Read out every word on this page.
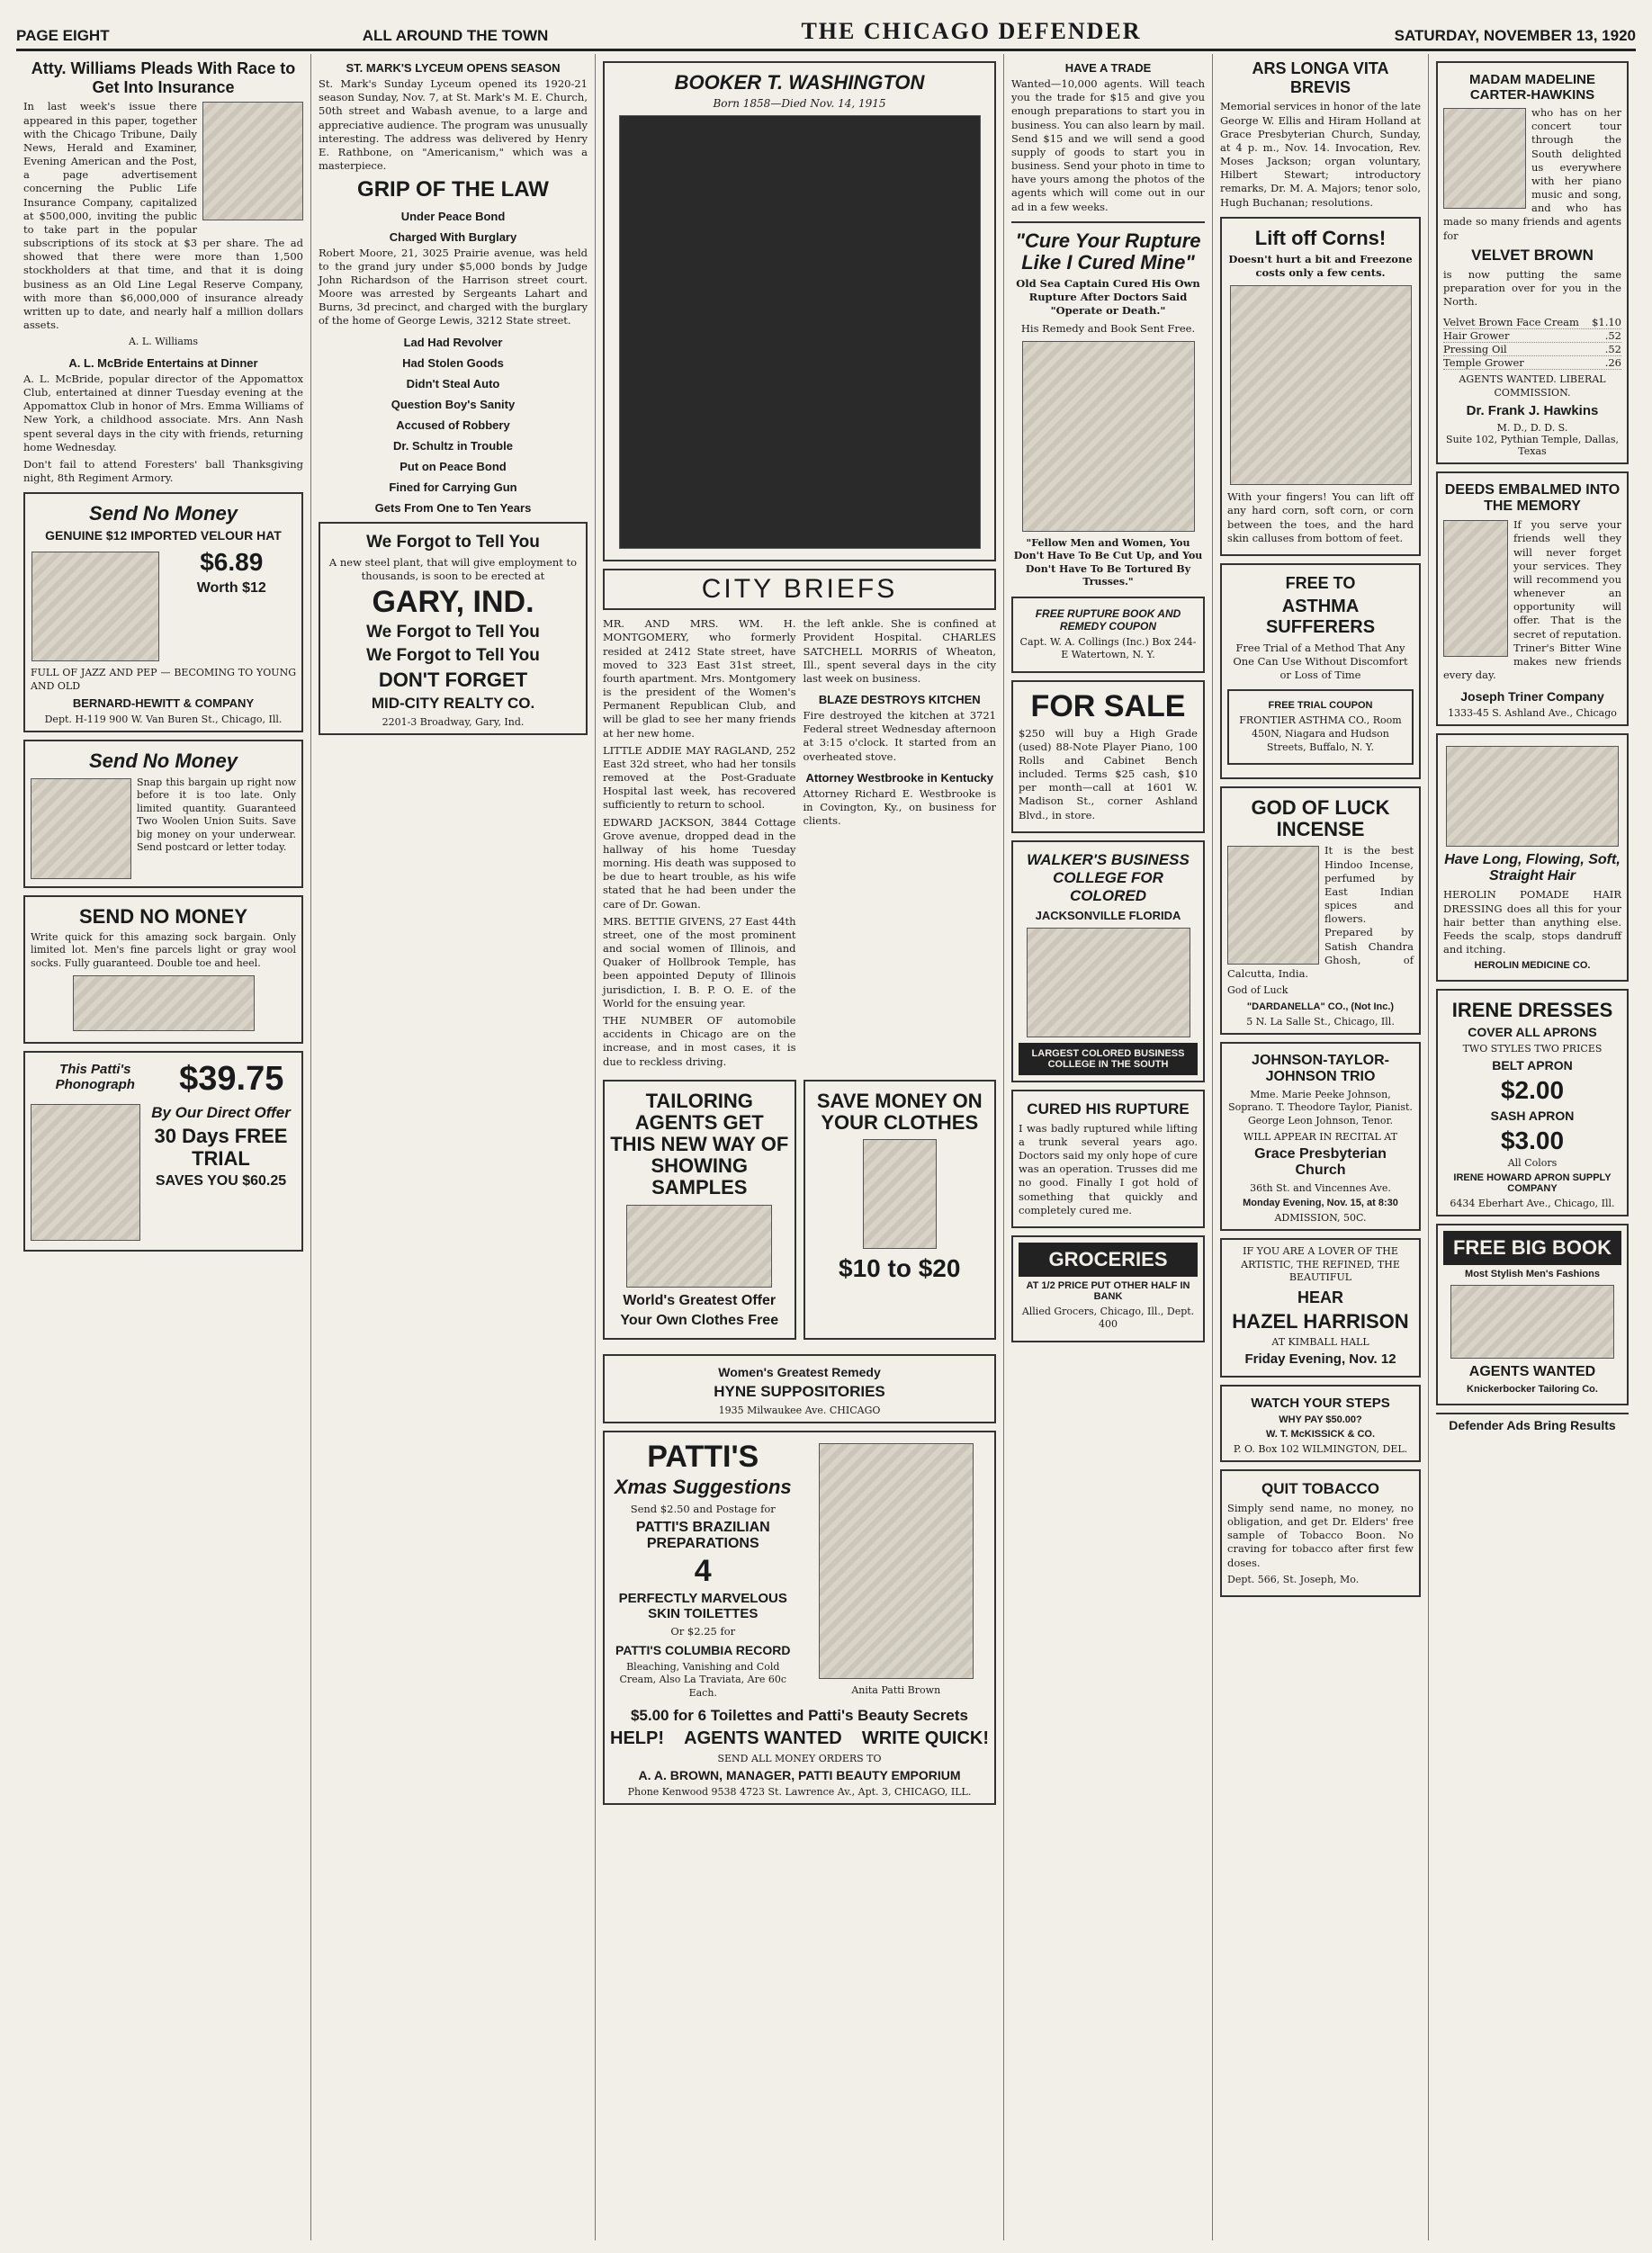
PAGE EIGHT	ALL AROUND THE TOWN	THE CHICAGO DEFENDER	SATURDAY, NOVEMBER 13, 1920
Atty. Williams Pleads With Race to Get Into Insurance

In last week's issue there appeared in this paper, together with the Chicago Tribune, Daily News, Herald and Examiner, Evening American and the Post, a page advertisement concerning the Public Life Insurance Company, capitalized at $500,000, inviting the public to take part in the popular subscriptions of its stock at $3 per share. The ad showed that there were more than 1,500 stockholders at that time, and that it is doing business as an Old Line Legal Reserve Company, with more than $6,000,000 of insurance already written up to date, and nearly half a million dollars assets.

A. L. Williams

A. L. McBride Entertains at Dinner

A. L. McBride, popular director of the Appomattox Club, entertained at dinner Tuesday evening at the Appomattox Club in honor of Mrs. Emma Williams of New York, a childhood associate. Mrs. Ann Nash spent several days in the city with friends, returning home Wednesday.

Don't fail to attend Foresters' ball Thanksgiving night, 8th Regiment Armory.

Send No Money
GENUINE $12 IMPORTED VELOUR HAT
$6.89
Worth $12

FULL OF JAZZ AND PEP — BECOMING TO YOUNG AND OLD

BERNARD-HEWITT & COMPANY
Dept. H-119 900 W. Van Buren St., Chicago, Ill.
Send No Money

Snap this bargain up right now before it is too late. Only limited quantity. Guaranteed Two Woolen Union Suits. Save big money on your underwear. Send postcard or letter today.

SEND NO MONEY

Write quick for this amazing sock bargain. Only limited lot. Men's fine parcels light or gray wool socks. Fully guaranteed. Double toe and heel.

This Patti's Phonograph	$39.75
By Our Direct Offer
30 Days FREE TRIAL
SAVES YOU $60.25
ST. MARK'S LYCEUM OPENS SEASON

St. Mark's Sunday Lyceum opened its 1920-21 season Sunday, Nov. 7, at St. Mark's M. E. Church, 50th street and Wabash avenue, to a large and appreciative audience. The program was unusually interesting. The address was delivered by Henry E. Rathbone, on "Americanism," which was a masterpiece.

GRIP OF THE LAW
Under Peace Bond
Charged With Burglary

Robert Moore, 21, 3025 Prairie avenue, was held to the grand jury under $5,000 bonds by Judge John Richardson of the Harrison street court. Moore was arrested by Sergeants Lahart and Burns, 3d precinct, and charged with the burglary of the home of George Lewis, 3212 State street.

Lad Had Revolver
Had Stolen Goods
Didn't Steal Auto
Question Boy's Sanity
Accused of Robbery
Dr. Schultz in Trouble
Put on Peace Bond
Fined for Carrying Gun
Gets From One to Ten Years
We Forgot to Tell You

A new steel plant, that will give employment to thousands, is soon to be erected at

GARY, IND.
We Forgot to Tell You
We Forgot to Tell You
DON'T FORGET
MID-CITY REALTY CO.
2201-3 Broadway, Gary, Ind.
BOOKER T. WASHINGTON
Born 1858—Died Nov. 14, 1915
CITY BRIEFS

MR. AND MRS. WM. H. MONTGOMERY, who formerly resided at 2412 State street, have moved to 323 East 31st street, fourth apartment. Mrs. Montgomery is the president of the Women's Permanent Republican Club, and will be glad to see her many friends at her new home.

LITTLE ADDIE MAY RAGLAND, 252 East 32d street, who had her tonsils removed at the Post-Graduate Hospital last week, has recovered sufficiently to return to school.

EDWARD JACKSON, 3844 Cottage Grove avenue, dropped dead in the hallway of his home Tuesday morning. His death was supposed to be due to heart trouble, as his wife stated that he had been under the care of Dr. Gowan.

MRS. BETTIE GIVENS, 27 East 44th street, one of the most prominent and social women of Illinois, and Quaker of Hollbrook Temple, has been appointed Deputy of Illinois jurisdiction, I. B. P. O. E. of the World for the ensuing year.

THE NUMBER OF automobile accidents in Chicago are on the increase, and in most cases, it is due to reckless driving.

the left ankle. She is confined at Provident Hospital. CHARLES SATCHELL MORRIS of Wheaton, Ill., spent several days in the city last week on business.

BLAZE DESTROYS KITCHEN

Fire destroyed the kitchen at 3721 Federal street Wednesday afternoon at 3:15 o'clock. It started from an overheated stove.

Attorney Westbrooke in Kentucky

Attorney Richard E. Westbrooke is in Covington, Ky., on business for clients.

TAILORING AGENTS GET THIS NEW WAY OF SHOWING SAMPLES
World's Greatest Offer
Your Own Clothes Free
SAVE MONEY ON YOUR CLOTHES
$10 to $20
Women's Greatest Remedy
HYNE SUPPOSITORIES
1935 Milwaukee Ave. CHICAGO
PATTI'S
Xmas Suggestions

Send $2.50 and Postage for

PATTI'S BRAZILIAN PREPARATIONS
4
PERFECTLY MARVELOUS SKIN TOILETTES

Or $2.25 for

PATTI'S COLUMBIA RECORD

Bleaching, Vanishing and Cold Cream, Also La Traviata, Are 60c Each.	Anita Patti Brown

$5.00 for 6 Toilettes and Patti's Beauty Secrets
HELP! AGENTS WANTED WRITE QUICK!
SEND ALL MONEY ORDERS TO
A. A. BROWN, MANAGER, PATTI BEAUTY EMPORIUM
Phone Kenwood 9538 4723 St. Lawrence Av., Apt. 3, CHICAGO, ILL.
HAVE A TRADE

Wanted—10,000 agents. Will teach you the trade for $15 and give you enough preparations to start you in business. You can also learn by mail. Send $15 and we will send a good supply of goods to start you in business. Send your photo in time to have yours among the photos of the agents which will come out in our ad in a few weeks.

"Cure Your Rupture Like I Cured Mine"

Old Sea Captain Cured His Own Rupture After Doctors Said "Operate or Death."

His Remedy and Book Sent Free.

"Fellow Men and Women, You Don't Have To Be Cut Up, and You Don't Have To Be Tortured By Trusses."

FREE RUPTURE BOOK AND REMEDY COUPON

Capt. W. A. Collings (Inc.) Box 244-E Watertown, N. Y.

FOR SALE

$250 will buy a High Grade (used) 88-Note Player Piano, 100 Rolls and Cabinet Bench included. Terms $25 cash, $10 per month—call at 1601 W. Madison St., corner Ashland Blvd., in store.

WALKER'S BUSINESS COLLEGE FOR COLORED
JACKSONVILLE FLORIDA
LARGEST COLORED BUSINESS COLLEGE IN THE SOUTH
CURED HIS RUPTURE

I was badly ruptured while lifting a trunk several years ago. Doctors said my only hope of cure was an operation. Trusses did me no good. Finally I got hold of something that quickly and completely cured me.

GROCERIES
AT 1/2 PRICE PUT OTHER HALF IN BANK

Allied Grocers, Chicago, Ill., Dept. 400

ARS LONGA VITA BREVIS

Memorial services in honor of the late George W. Ellis and Hiram Holland at Grace Presbyterian Church, Sunday, at 4 p. m., Nov. 14. Invocation, Rev. Moses Jackson; organ voluntary, Hilbert Stewart; introductory remarks, Dr. M. A. Majors; tenor solo, Hugh Buchanan; resolutions.

Lift off Corns!

Doesn't hurt a bit and Freezone costs only a few cents.

With your fingers! You can lift off any hard corn, soft corn, or corn between the toes, and the hard skin calluses from bottom of feet.

FREE TO
ASTHMA SUFFERERS

Free Trial of a Method That Any One Can Use Without Discomfort or Loss of Time

FREE TRIAL COUPON

FRONTIER ASTHMA CO., Room 450N, Niagara and Hudson Streets, Buffalo, N. Y.

GOD OF LUCK INCENSE

It is the best Hindoo Incense, perfumed by East Indian spices and flowers. Prepared by Satish Chandra Ghosh, of Calcutta, India.

God of Luck

"DARDANELLA" CO., (Not Inc.)
5 N. La Salle St., Chicago, Ill.
JOHNSON-TAYLOR-JOHNSON TRIO

Mme. Marie Peeke Johnson, Soprano. T. Theodore Taylor, Pianist. George Leon Johnson, Tenor.

WILL APPEAR IN RECITAL AT
Grace Presbyterian Church
36th St. and Vincennes Ave.
Monday Evening, Nov. 15, at 8:30
ADMISSION, 50C.

IF YOU ARE A LOVER OF THE ARTISTIC, THE REFINED, THE BEAUTIFUL

HEAR
HAZEL HARRISON
AT KIMBALL HALL
Friday Evening, Nov. 12
WATCH YOUR STEPS
WHY PAY $50.00?
W. T. McKISSICK & CO.
P. O. Box 102 WILMINGTON, DEL.
QUIT TOBACCO

Simply send name, no money, no obligation, and get Dr. Elders' free sample of Tobacco Boon. No craving for tobacco after first few doses.

Dept. 566, St. Joseph, Mo.

MADAM MADELINE CARTER-HAWKINS

who has on her concert tour through the South delighted us everywhere with her piano music and song, and who has made so many friends and agents for

VELVET BROWN

is now putting the same preparation over for you in the North.

Velvet Brown Face Cream $1.10
Hair Grower	.52
Pressing Oil	.52
Temple Grower	.26

AGENTS WANTED. LIBERAL COMMISSION.

Dr. Frank J. Hawkins
M. D., D. D. S.
Suite 102, Pythian Temple, Dallas, Texas
DEEDS EMBALMED INTO THE MEMORY

If you serve your friends well they will never forget your services. They will recommend you whenever an opportunity will offer. That is the secret of reputation. Triner's Bitter Wine makes new friends every day.

Joseph Triner Company
1333-45 S. Ashland Ave., Chicago
Have Long, Flowing, Soft, Straight Hair

HEROLIN POMADE HAIR DRESSING does all this for your hair better than anything else. Feeds the scalp, stops dandruff and itching.

HEROLIN MEDICINE CO.
IRENE DRESSES
COVER ALL APRONS
TWO STYLES TWO PRICES
BELT APRON
$2.00
SASH APRON
$3.00
All Colors
IRENE HOWARD APRON SUPPLY COMPANY
6434 Eberhart Ave., Chicago, Ill.
FREE BIG BOOK
Most Stylish Men's Fashions
AGENTS WANTED
Knickerbocker Tailoring Co.
Defender Ads Bring Results
